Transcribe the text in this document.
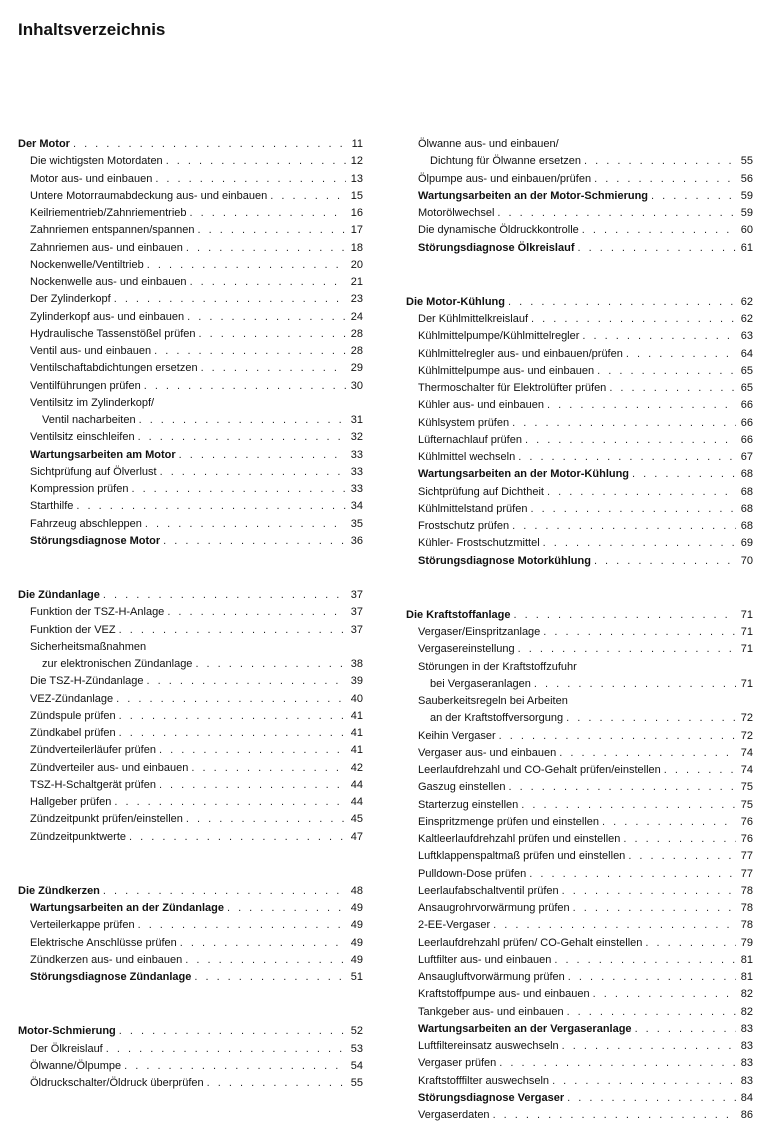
Inhaltsverzeichnis
Der Motor . . .	11
Die wichtigsten Motordaten . . .	12
Motor aus- und einbauen . . .	13
Untere Motorraumabdeckung aus- und einbauen . . .	15
Keilriementrieb/Zahnriementrieb . . .	16
Zahnriemen entspannen/spannen . . .	17
Zahnriemen aus- und einbauen . . .	18
Nockenwelle/Ventiltrieb . . .	20
Nockenwelle aus- und einbauen . . .	21
Der Zylinderkopf . . .	23
Zylinderkopf aus- und einbauen . . .	24
Hydraulische Tassenstößel prüfen . . .	28
Ventil aus- und einbauen . . .	28
Ventilschaftabdichtungen ersetzen . . .	29
Ventilführungen prüfen . . .	30
Ventilsitz im Zylinderkopf/
Ventil nacharbeiten . . .	31
Ventilsitz einschleifen . . .	32
Wartungsarbeiten am Motor . . .	33
Sichtprüfung auf Ölverlust . . .	33
Kompression prüfen . . .	33
Starthilfe . . .	34
Fahrzeug abschleppen . . .	35
Störungsdiagnose Motor . . .	36
Die Zündanlage . . .	37
Funktion der TSZ-H-Anlage . . .	37
Funktion der VEZ . . .	37
Sicherheitsmaßnahmen
zur elektronischen Zündanlage . . .	38
Die TSZ-H-Zündanlage . . .	39
VEZ-Zündanlage . . .	40
Zündspule prüfen . . .	41
Zündkabel prüfen . . .	41
Zündverteilerläufer prüfen . . .	41
Zündverteiler aus- und einbauen . . .	42
TSZ-H-Schaltgerät prüfen . . .	44
Hallgeber prüfen . . .	44
Zündzeitpunkt prüfen/einstellen . . .	45
Zündzeitpunktwerte . . .	47
Die Zündkerzen . . .	48
Wartungsarbeiten an der Zündanlage . . .	49
Verteilerkappe prüfen . . .	49
Elektrische Anschlüsse prüfen . . .	49
Zündkerzen aus- und einbauen . . .	49
Störungsdiagnose Zündanlage . . .	51
Motor-Schmierung . . .	52
Der Ölkreislauf . . .	53
Ölwanne/Ölpumpe . . .	54
Öldruckschalter/Öldruck überprüfen . . .	55
Ölwanne aus- und einbauen/
Dichtung für Ölwanne ersetzen . . .	55
Ölpumpe aus- und einbauen/prüfen . . .	56
Wartungsarbeiten an der Motor-Schmierung . . .	59
Motorölwechsel . . .	59
Die dynamische Öldruckkontrolle . . .	60
Störungsdiagnose Ölkreislauf . . .	61
Die Motor-Kühlung . . .	62
Der Kühlmittelkreislauf . . .	62
Kühlmittelpumpe/Kühlmittelregler . . .	63
Kühlmittelregler aus- und einbauen/prüfen . . .	64
Kühlmittelpumpe aus- und einbauen . . .	65
Thermoschalter für Elektrolüfter prüfen . . .	65
Kühler aus- und einbauen . . .	66
Kühlsystem prüfen . . .	66
Lüfternachlauf prüfen . . .	66
Kühlmittel wechseln . . .	67
Wartungsarbeiten an der Motor-Kühlung . . .	68
Sichtprüfung auf Dichtheit . . .	68
Kühlmittelstand prüfen . . .	68
Frostschutz prüfen . . .	68
Kühler- Frostschutzmittel . . .	69
Störungsdiagnose Motorkühlung . . .	70
Die Kraftstoffanlage . . .	71
Vergaser/Einspritzanlage . . .	71
Vergasereinstellung . . .	71
Störungen in der Kraftstoffzufuhr
bei Vergaseranlagen . . .	71
Sauberkeitsregeln bei Arbeiten
an der Kraftstoffversorgung . . .	72
Keihin Vergaser . . .	72
Vergaser aus- und einbauen . . .	74
Leerlaufdrehzahl und CO-Gehalt prüfen/einstellen . . .	74
Gaszug einstellen . . .	75
Starterzug einstellen . . .	75
Einspritzmenge prüfen und einstellen . . .	76
Kaltleerlaufdrehzahl prüfen und einstellen . . .	76
Luftklappenspaltmaß prüfen und einstellen . . .	77
Pulldown-Dose prüfen . . .	77
Leerlaufabschaltventil prüfen . . .	78
Ansaugrohrvorwärmung prüfen . . .	78
2-EE-Vergaser . . .	78
Leerlaufdrehzahl prüfen/ CO-Gehalt einstellen . . .	79
Luftfilter aus- und einbauen . . .	81
Ansaugluftvorwärmung prüfen . . .	81
Kraftstoffpumpe aus- und einbauen . . .	82
Tankgeber aus- und einbauen . . .	82
Wartungsarbeiten an der Vergaseranlage . . .	83
Luftfiltereinsatz auswechseln . . .	83
Vergaser prüfen . . .	83
Kraftstofffilter auswechseln . . .	83
Störungsdiagnose Vergaser . . .	84
Vergaserdaten . . .	86
